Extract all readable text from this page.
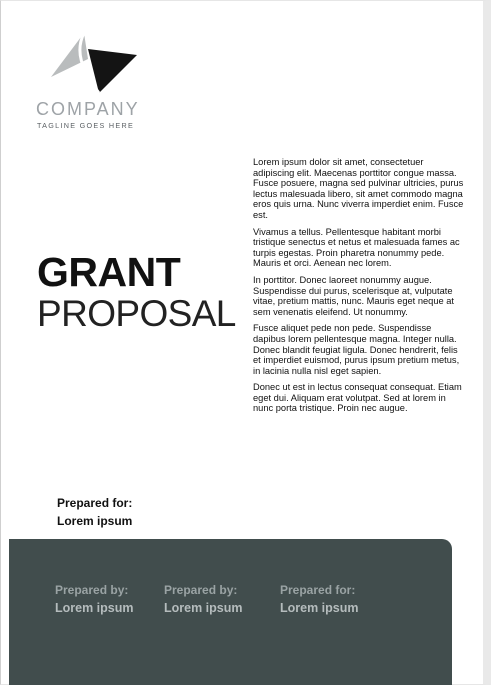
COMPANY
TAGLINE GOES HERE
GRANT
PROPOSAL

Lorem ipsum dolor sit amet, consectetuer adipiscing elit. Maecenas porttitor congue massa. Fusce posuere, magna sed pulvinar ultricies, purus lectus malesuada libero, sit amet commodo magna eros quis urna. Nunc viverra imperdiet enim. Fusce est.

Vivamus a tellus. Pellentesque habitant morbi tristique senectus et netus et malesuada fames ac turpis egestas. Proin pharetra nonummy pede. Mauris et orci. Aenean nec lorem.

In porttitor. Donec laoreet nonummy augue. Suspendisse dui purus, scelerisque at, vulputate vitae, pretium mattis, nunc. Mauris eget neque at sem venenatis eleifend. Ut nonummy.

Fusce aliquet pede non pede. Suspendisse dapibus lorem pellentesque magna. Integer nulla. Donec blandit feugiat ligula. Donec hendrerit, felis et imperdiet euismod, purus ipsum pretium metus, in lacinia nulla nisl eget sapien.

Donec ut est in lectus consequat consequat. Etiam eget dui. Aliquam erat volutpat. Sed at lorem in nunc porta tristique. Proin nec augue.

Prepared for:
Lorem ipsum
Prepared by:
Lorem ipsum
Prepared by:
Lorem ipsum
Prepared for:
Lorem ipsum
